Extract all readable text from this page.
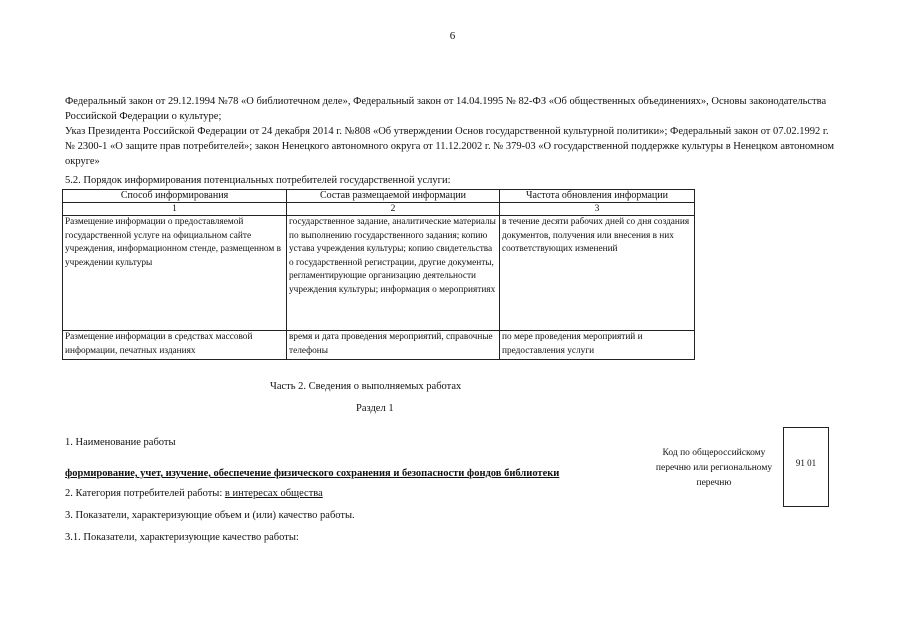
6
Федеральный закон от 29.12.1994 №78 «О библиотечном деле», Федеральный закон от 14.04.1995 № 82-ФЗ «Об общественных объединениях», Основы законодательства Российской Федерации о культуре;
Указ Президента Российской Федерации от 24 декабря 2014 г. №808 «Об утверждении Основ государственной культурной политики»; Федеральный закон от 07.02.1992 г. № 2300-1 «О защите прав потребителей»; закон Ненецкого автономного округа от 11.12.2002 г. № 379-03 «О государственной поддержке культуры в Ненецком автономном округе»
5.2. Порядок информирования потенциальных потребителей государственной услуги:
Способ информирования	Состав размещаемой информации	Частота обновления информации
1	2	3
Размещение информации о предоставляемой государственной услуге на официальном сайте учреждения, информационном стенде, размещенном в учреждении культуры	государственное задание, аналитические материалы по выполнению государственного задания; копию устава учреждения культуры; копию свидетельства о государственной регистрации, другие документы, регламентирующие организацию деятельности учреждения культуры; информация о мероприятиях	в течение десяти рабочих дней со дня создания документов, получения или внесения в них соответствующих изменений
Размещение информации в средствах массовой информации, печатных изданиях	время и дата проведения мероприятий, справочные телефоны	по мере проведения мероприятий и предоставления услуги
Часть 2. Сведения о выполняемых работах
Раздел 1
1. Наименование работы
формирование, учет, изучение, обеспечение физического сохранения и безопасности фондов библиотеки
2. Категория потребителей работы: в интересах общества
3. Показатели, характеризующие объем и (или) качество работы.
3.1. Показатели, характеризующие качество работы:
Код по общероссийскому перечню или региональному перечню
91 01
